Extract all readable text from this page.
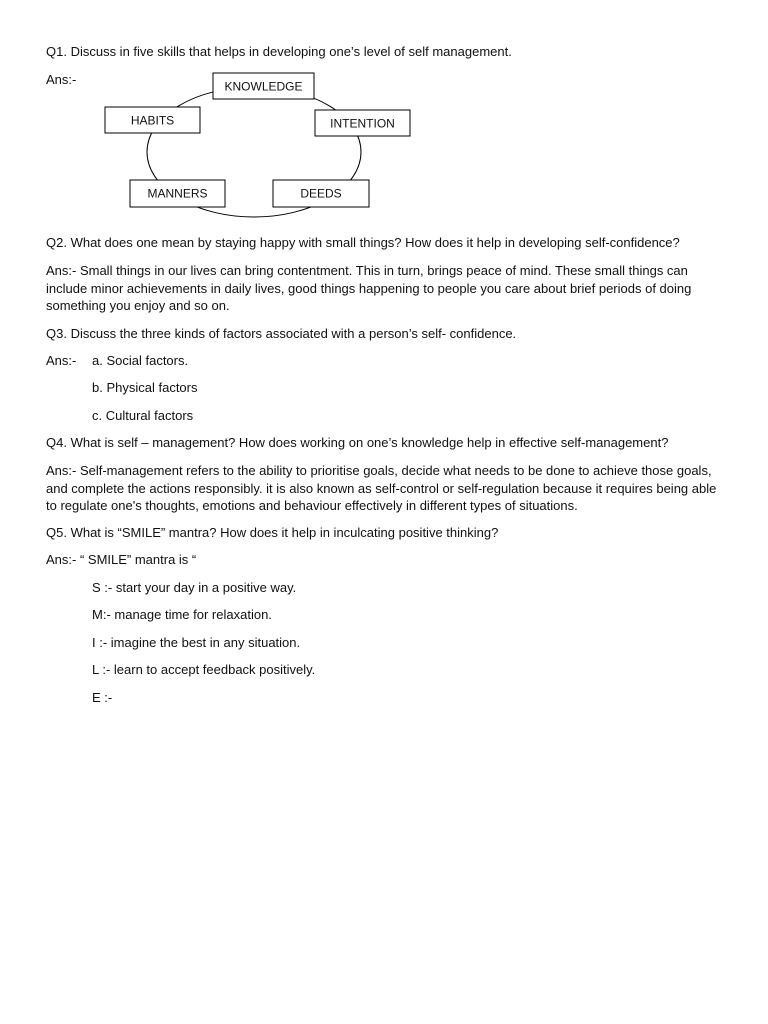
Q1. Discuss in five skills that helps in developing one’s level of self management.
Ans:-	KNOWLEDGE
INTENTION
DEEDS
MANNERS
HABITS
Q2. What does one mean by staying happy with small things? How does it help in developing self-confidence?
Ans:- Small things in our lives can bring contentment. This in turn, brings peace of mind. These small things can include minor achievements in daily lives, good things happening to people you care about brief periods of doing something you enjoy and so on.
Q3. Discuss the three kinds of factors associated with a person’s self- confidence.
Ans:- a. Social factors.
b. Physical factors
c. Cultural factors
Q4. What is self – management? How does working on one’s knowledge help in effective self-management?
Ans:- Self-management refers to the ability to prioritise goals, decide what needs to be done to achieve those goals, and complete the actions responsibly. it is also known as self-control or self-regulation because it requires being able to regulate one's thoughts, emotions and behaviour effectively in different types of situations.
Q5. What is “SMILE” mantra? How does it help in inculcating positive thinking?
Ans:- “ SMILE” mantra is “
S :- start your day in a positive way.
M:- manage time for relaxation.
I :- imagine the best in any situation.
L :- learn to accept feedback positively.
E :-
